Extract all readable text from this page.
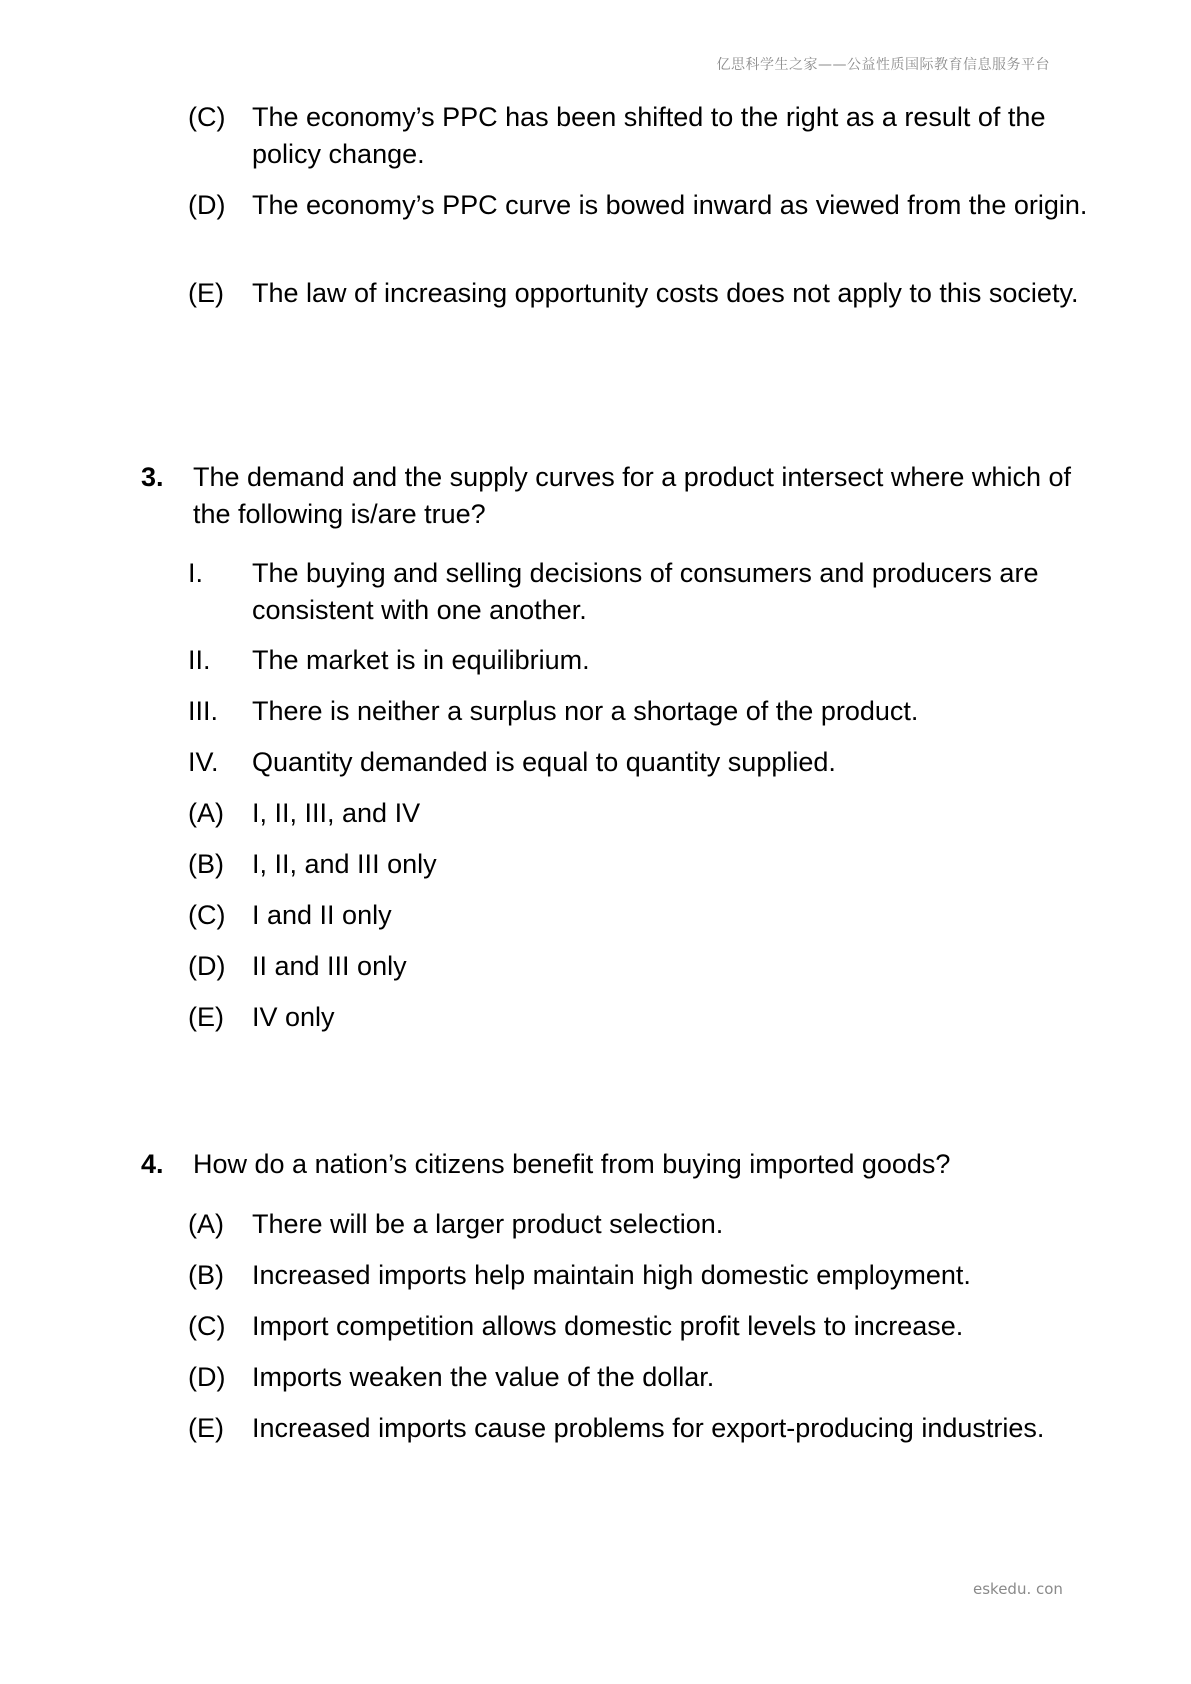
亿思科学生之家——公益性质国际教育信息服务平台
(C) The economy’s PPC has been shifted to the right as a result of the policy change.
(D) The economy’s PPC curve is bowed inward as viewed from the origin.
(E) The law of increasing opportunity costs does not apply to this society.
3. The demand and the supply curves for a product intersect where which of the following is/are true?
I. The buying and selling decisions of consumers and producers are consistent with one another.
II. The market is in equilibrium.
III. There is neither a surplus nor a shortage of the product.
IV. Quantity demanded is equal to quantity supplied.
(A) I, II, III, and IV
(B) I, II, and III only
(C) I and II only
(D) II and III only
(E) IV only
4. How do a nation’s citizens benefit from buying imported goods?
(A) There will be a larger product selection.
(B) Increased imports help maintain high domestic employment.
(C) Import competition allows domestic profit levels to increase.
(D) Imports weaken the value of the dollar.
(E) Increased imports cause problems for export-producing industries.
eskedu. con
